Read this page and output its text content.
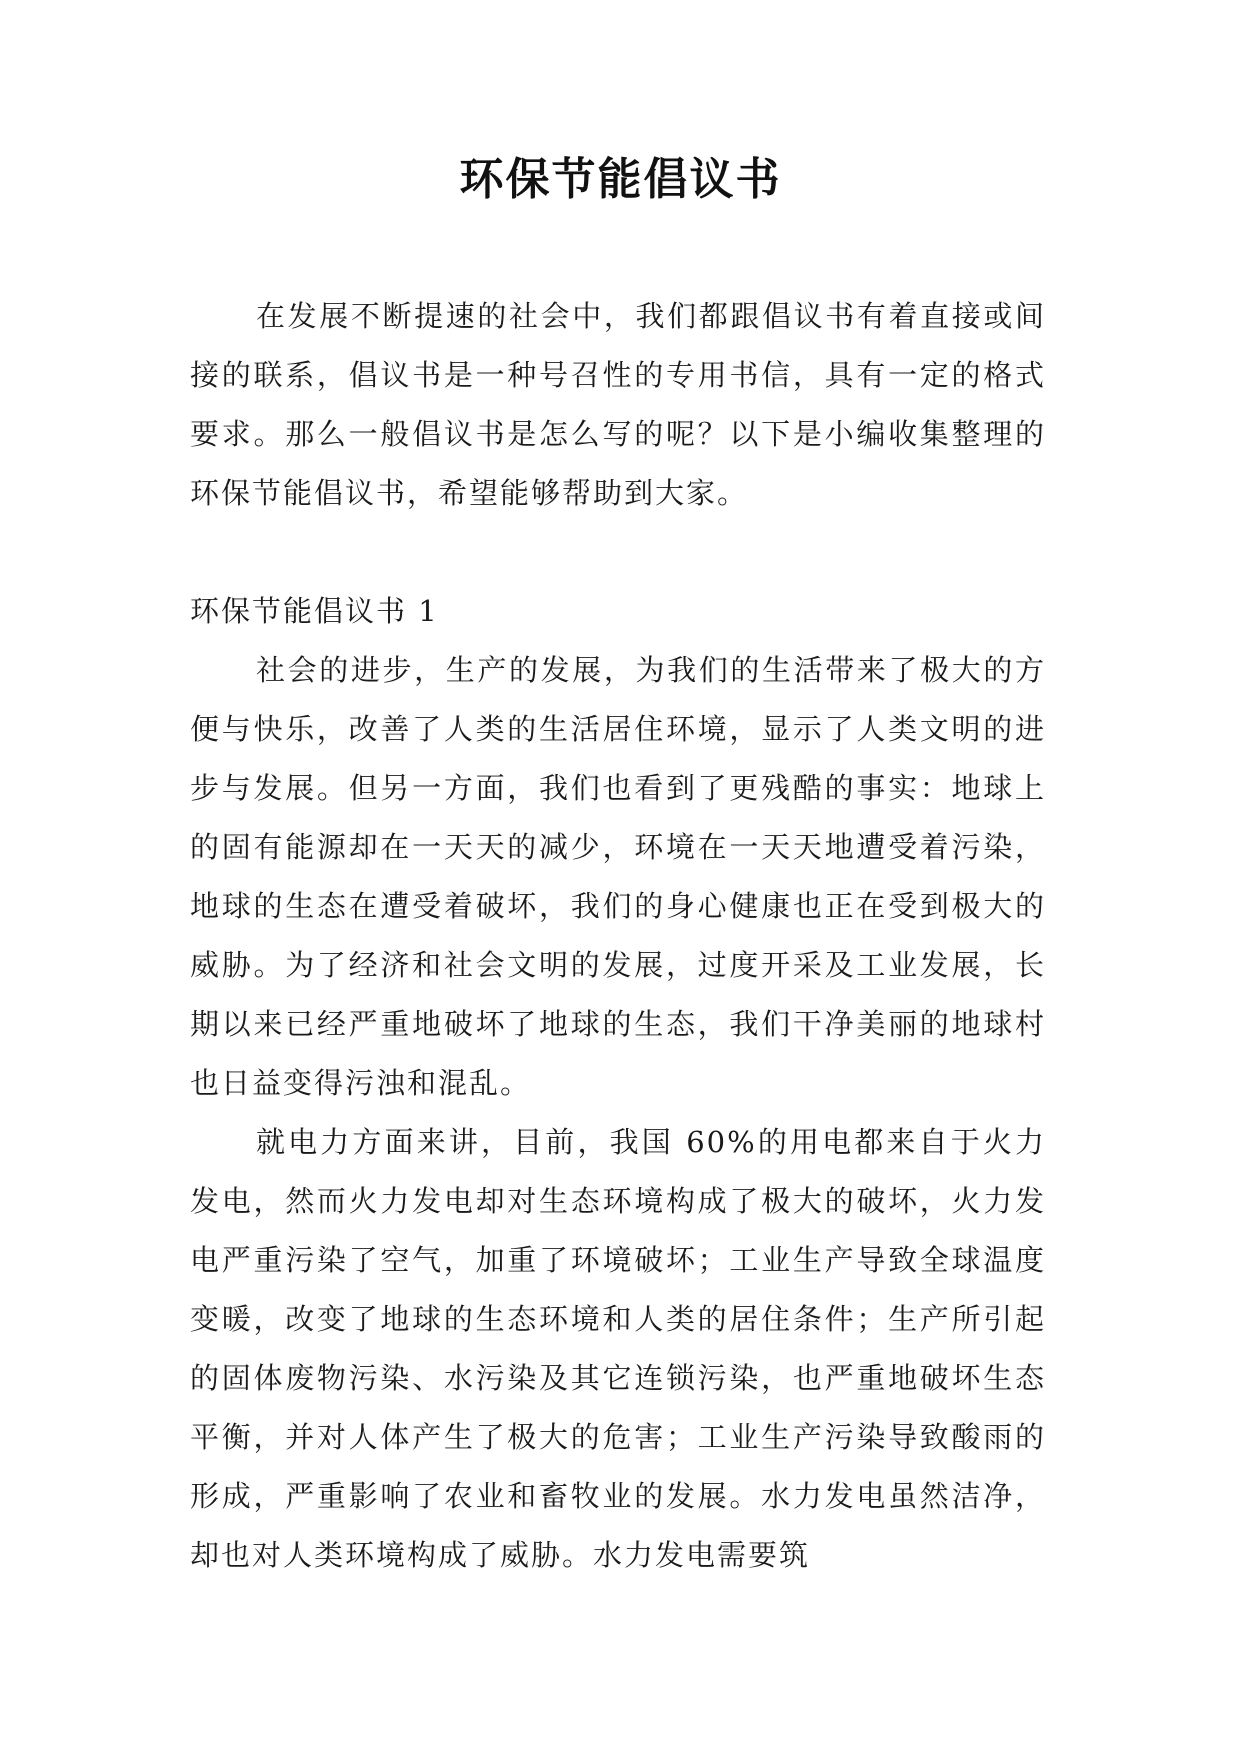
环保节能倡议书

在发展不断提速的社会中，我们都跟倡议书有着直接或间接的联系，倡议书是一种号召性的专用书信，具有一定的格式要求。那么一般倡议书是怎么写的呢？以下是小编收集整理的环保节能倡议书，希望能够帮助到大家。

环保节能倡议书 1

社会的进步，生产的发展，为我们的生活带来了极大的方便与快乐，改善了人类的生活居住环境，显示了人类文明的进步与发展。但另一方面，我们也看到了更残酷的事实：地球上的固有能源却在一天天的减少，环境在一天天地遭受着污染，地球的生态在遭受着破坏，我们的身心健康也正在受到极大的威胁。为了经济和社会文明的发展，过度开采及工业发展，长期以来已经严重地破坏了地球的生态，我们干净美丽的地球村也日益变得污浊和混乱。

就电力方面来讲，目前，我国 60%的用电都来自于火力发电，然而火力发电却对生态环境构成了极大的破坏，火力发电严重污染了空气，加重了环境破坏；工业生产导致全球温度变暖，改变了地球的生态环境和人类的居住条件；生产所引起的固体废物污染、水污染及其它连锁污染，也严重地破坏生态平衡，并对人体产生了极大的危害；工业生产污染导致酸雨的形成，严重影响了农业和畜牧业的发展。水力发电虽然洁净，却也对人类环境构成了威胁。水力发电需要筑
